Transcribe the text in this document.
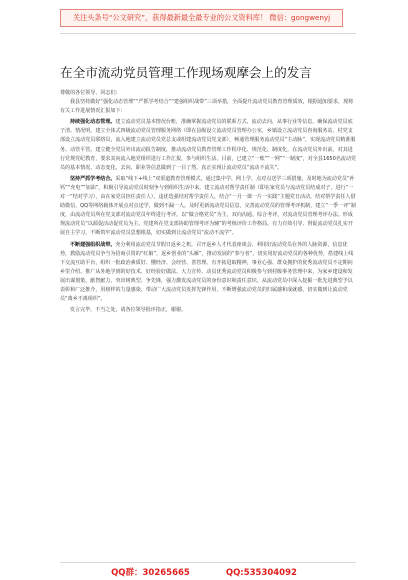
关注头条号“公文研究”，获得最新最全最专业的公文资料库！ 微信：gongwenyj
在全市流动党员管理工作现场观摩会上的发言

尊敬的各位领导、同志们：

我县坚持做好“强化动态管理”“严抓学考结合”“建强组织战带”三项举措，全面提升流动党员教育管理质效，根据通知要求，现将有关工作进展情况汇报如下：

持续强化动态管理。建立流动党员基本情况台账，准确掌握流动党员的联系方式、流动去向、从事行业等信息，确保流动党员底子清、情况明。建立全体式四级流动党员管理服务网络（即在县级设立流动党员管理办公室，乡镇设立流动党员咨询服务站，村党支部设立流动党员联络员，流入地建立流动党员党总支或组建流动党员党支部），畅通管理服务流动党员“主动脉”，实现流动党员精准服务、动管平管。建立健全党员外出流动报告制度，推动流动党员教育管理工作程序化、规范化、制度化，在流动党员外出前，对其进行党规党纪教育，要求其向流入地党组织进行工作汇报，参与组织生活。目前，已建立“一账”“一网”“一制度”，对全县1650名流动党员的基本情况、动态变化、去向、职业等信息做到了一目了然，真正实现让流动党员“流动不流失”。

坚持严抓学考结合。采取“线下+线上”双渠道教育管理模式，通过集中学、网上学、点对点送学三项措施，及时地为流动党员“补钙”“充电”“加油”，积极引导流动党员时刻争与到组织生活中来。建立流动对帮学责任制（即在家党员与流动党员结成对子，进行“一对一”结对学习），由在家党员担任责任人），违优选强结对帮学责任人，结合“一月一课一片一实践”主题党日活动，结对帮学责任人借助微信、QQ等网络载体开展点对点送学，做到不漏一人。及时更新流动党员信息，完善流动党员的管理考评机制，建立“一季一评”制度，由流动党员所在党支部对流动党员年终进行考评。以“做合格党员”为主，双向沟通、综合考评，对流动党员管理考评办法。形成规流动党员“以源促活动促党员为主、党建所在党支部协助管理考评为辅”的考核评价工作格局。有力有效引导、督促流动党员扎实开展自主学习，不断筑牢流动党员思想根基，切实做到让流动党员“流动不流学”。

不断建强组织战带。充分利用流动党员节假日返乡之机，召开返乡人才代表座谈会、利用好流动党员在外的人脉资源，信息优势，教励流动党员争当为招商引资的“红娘”，返乡创业的“头雁”，推动发展的“参与者”，切实用好流动党员的各种优势，搭建线上线下交流互助平台，组织一批政治素质好、懂经济、会经营、善管理、有开拓进取精神，事业心强、群众拥护的优秀流动党员不定期向乡里介绍、推广从外地学到的好技术、好经验好做法、大力宣传、动员优秀流动党员积极参与到村级事务管理中来，为家乡建设和发展出谋划策、献智献力，突出树典型、争先锋，强力激发流动党员的身份意识和责任意识，从流动党员中深入挖掘一批先进典型予以表彰和广泛推介，用榜样的力量感染、带动广大流动党员发挥先锋作用，不断增强流动党员的归属感和成就感，切实做到让流动党员“离乡不离组织”。

发言完毕，不当之处，请各位领导批评指正，谢谢。

QQ群：30265665	QQ:535304092
